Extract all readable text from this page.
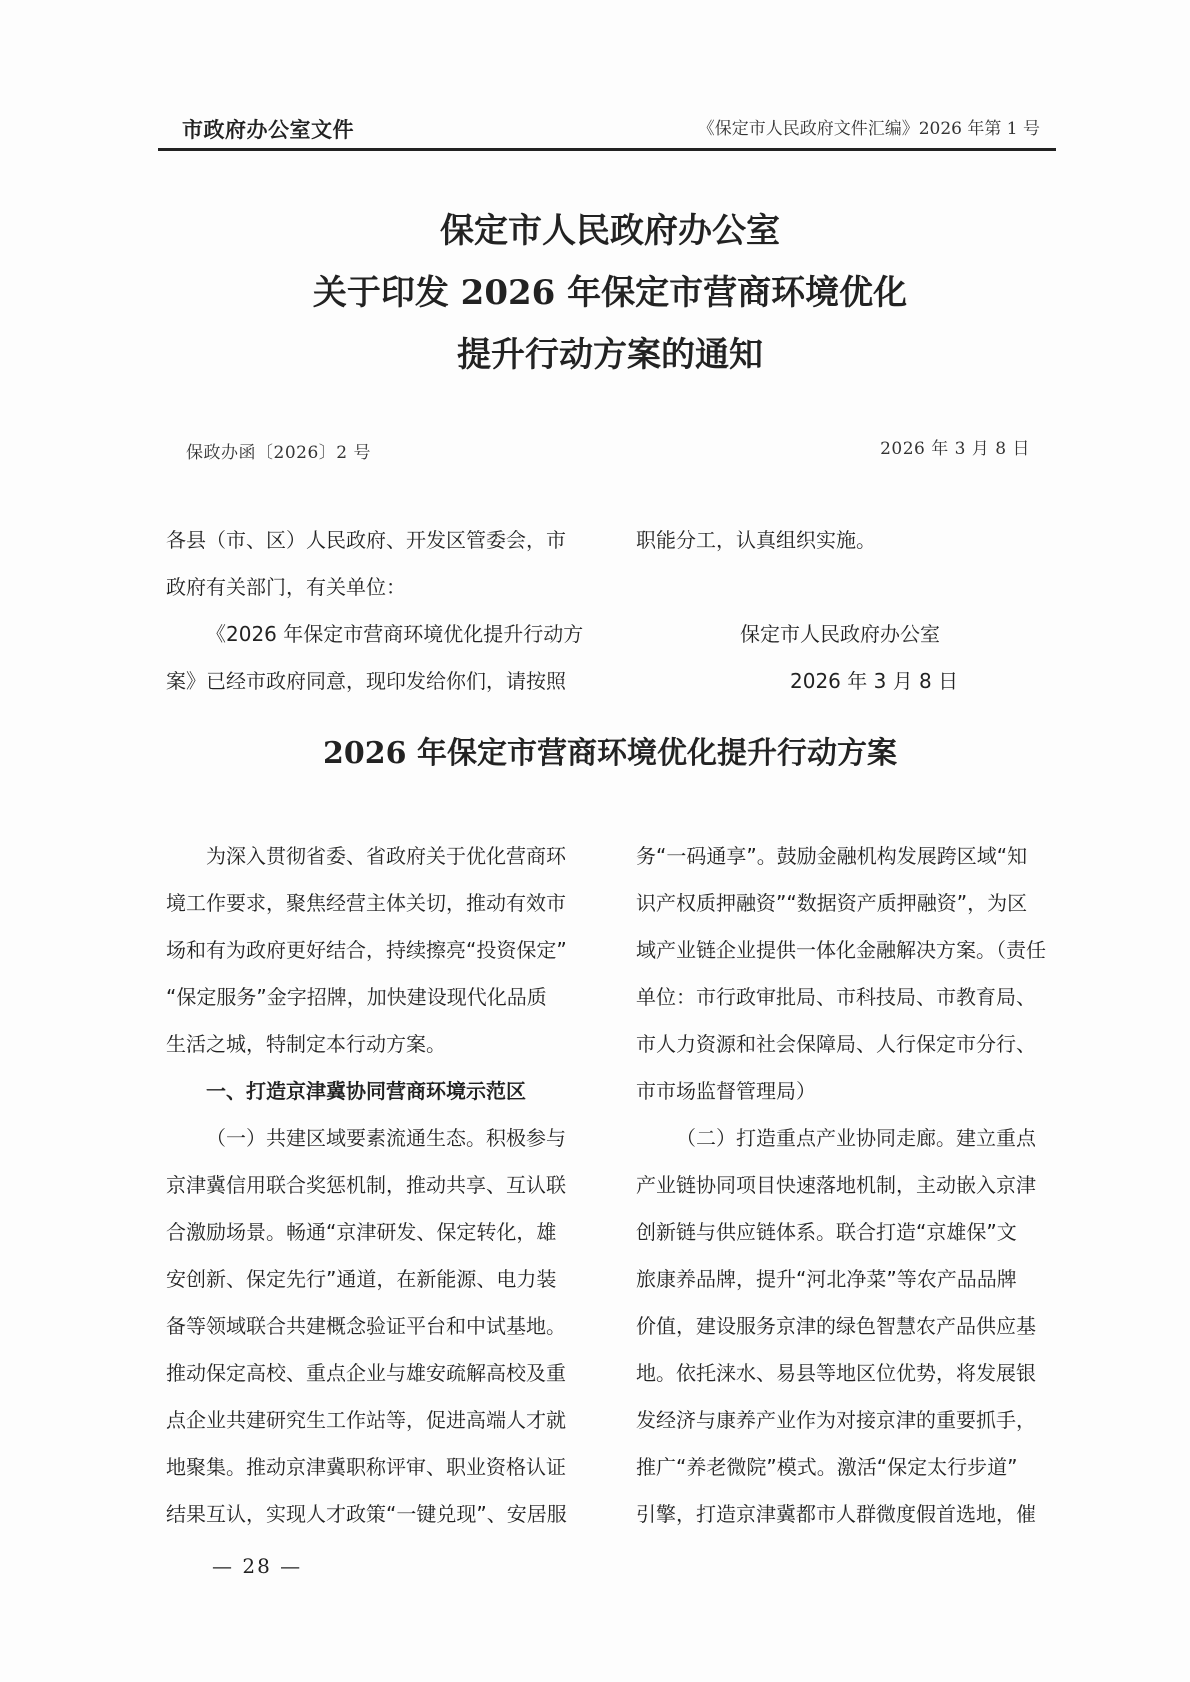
市政府办公室文件	《保定市人民政府文件汇编》2026 年第 1 号
保定市人民政府办公室
关于印发 2026 年保定市营商环境优化
提升行动方案的通知
保政办函〔2026〕2 号	2026 年 3 月 8 日
各县（市、区）人民政府、开发区管委会，市
政府有关部门，有关单位：
《2026 年保定市营商环境优化提升行动方
案》已经市政府同意，现印发给你们，请按照
职能分工，认真组织实施。
保定市人民政府办公室
2026 年 3 月 8 日
2026 年保定市营商环境优化提升行动方案
为深入贯彻省委、省政府关于优化营商环
境工作要求，聚焦经营主体关切，推动有效市
场和有为政府更好结合，持续擦亮“投资保定”
“保定服务”金字招牌，加快建设现代化品质
生活之城，特制定本行动方案。
一、打造京津冀协同营商环境示范区
（一）共建区域要素流通生态。积极参与
京津冀信用联合奖惩机制，推动共享、互认联
合激励场景。畅通“京津研发、保定转化，雄
安创新、保定先行”通道，在新能源、电力装
备等领域联合共建概念验证平台和中试基地。
推动保定高校、重点企业与雄安疏解高校及重
点企业共建研究生工作站等，促进高端人才就
地聚集。推动京津冀职称评审、职业资格认证
结果互认，实现人才政策“一键兑现”、安居服
务“一码通享”。鼓励金融机构发展跨区域“知
识产权质押融资”“数据资产质押融资”，为区
域产业链企业提供一体化金融解决方案。（责任
单位：市行政审批局、市科技局、市教育局、
市人力资源和社会保障局、人行保定市分行、
市市场监督管理局）
（二）打造重点产业协同走廊。建立重点
产业链协同项目快速落地机制，主动嵌入京津
创新链与供应链体系。联合打造“京雄保”文
旅康养品牌，提升“河北净菜”等农产品品牌
价值，建设服务京津的绿色智慧农产品供应基
地。依托涞水、易县等地区位优势，将发展银
发经济与康养产业作为对接京津的重要抓手，
推广“养老微院”模式。激活“保定太行步道”
引擎，打造京津冀都市人群微度假首选地，催
— 28 —
